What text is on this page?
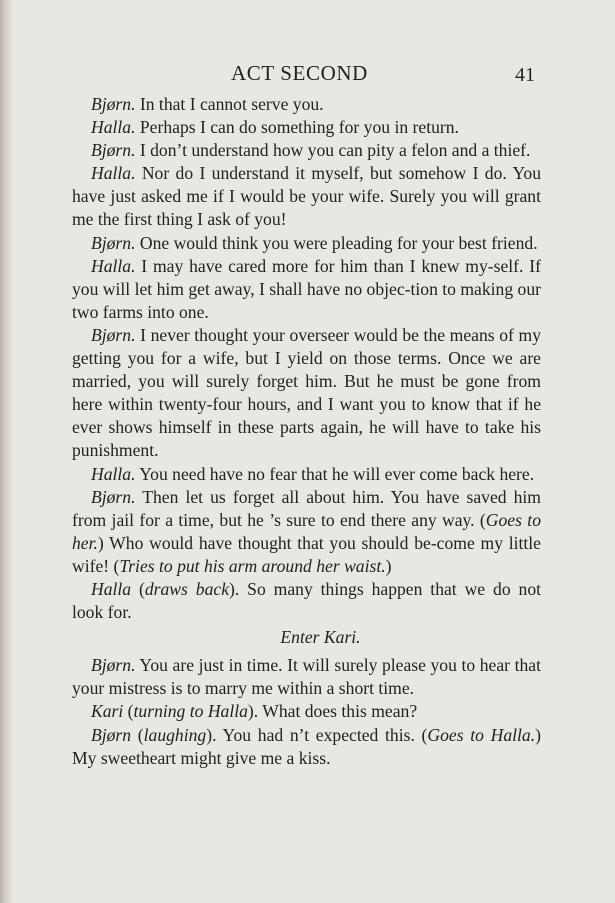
ACT SECOND	41

Bjørn. In that I cannot serve you.

Halla. Perhaps I can do something for you in return.

Bjørn. I don’t understand how you can pity a felon and a thief.

Halla. Nor do I understand it myself, but somehow I do. You have just asked me if I would be your wife. Surely you will grant me the first thing I ask of you!

Bjørn. One would think you were pleading for your best friend.

Halla. I may have cared more for him than I knew my-self. If you will let him get away, I shall have no objec-tion to making our two farms into one.

Bjørn. I never thought your overseer would be the means of my getting you for a wife, but I yield on those terms. Once we are married, you will surely forget him. But he must be gone from here within twenty-four hours, and I want you to know that if he ever shows himself in these parts again, he will have to take his punishment.

Halla. You need have no fear that he will ever come back here.

Bjørn. Then let us forget all about him. You have saved him from jail for a time, but he ’s sure to end there any way. (Goes to her.) Who would have thought that you should be-come my little wife! (Tries to put his arm around her waist.)

Halla (draws back). So many things happen that we do not look for.

Enter Kari.

Bjørn. You are just in time. It will surely please you to hear that your mistress is to marry me within a short time.

Kari (turning to Halla). What does this mean?

Bjørn (laughing). You had n’t expected this. (Goes to Halla.) My sweetheart might give me a kiss.
